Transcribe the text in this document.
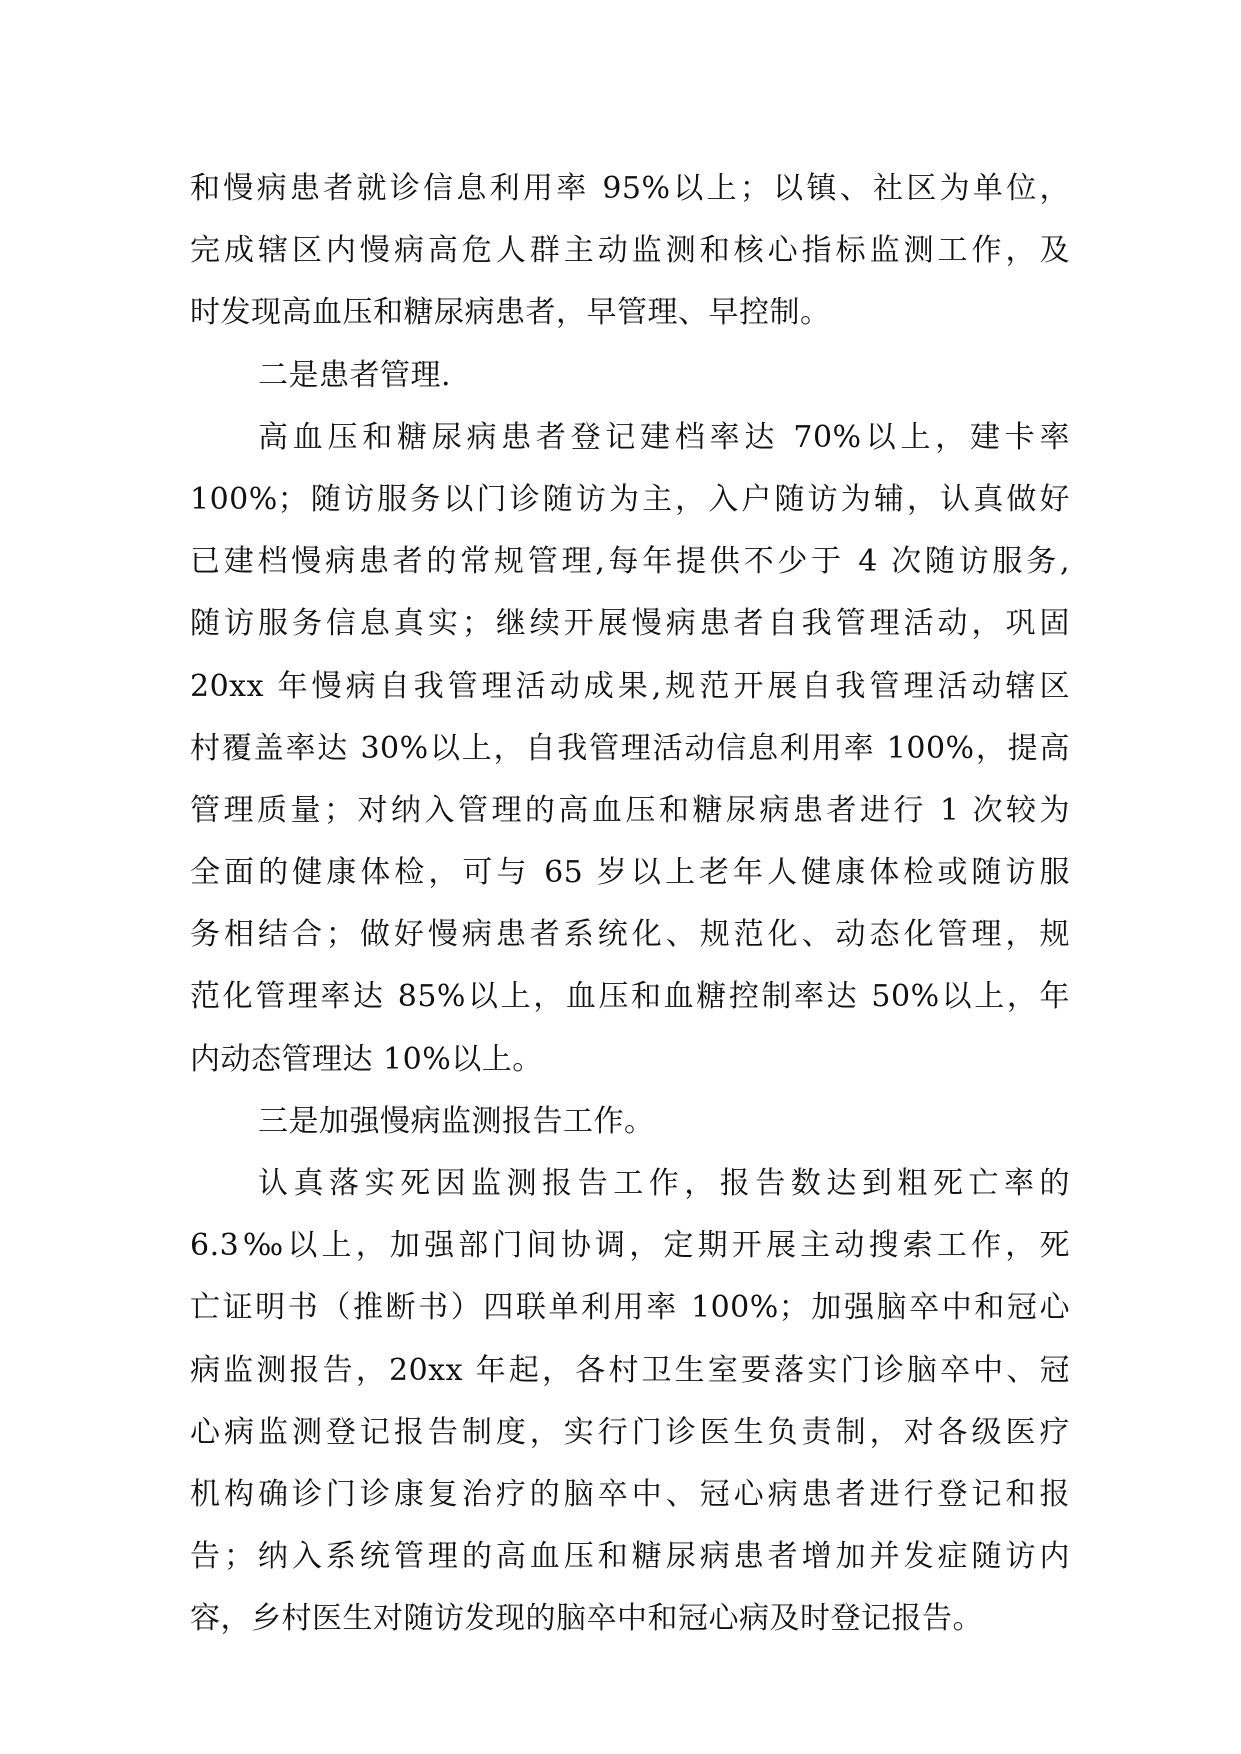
和慢病患者就诊信息利用率 95%以上；以镇、社区为单位，
完成辖区内慢病高危人群主动监测和核心指标监测工作，及
时发现高血压和糖尿病患者，早管理、早控制。
二是患者管理.
高血压和糖尿病患者登记建档率达 70%以上，建卡率
100%；随访服务以门诊随访为主，入户随访为辅，认真做好
已建档慢病患者的常规管理,每年提供不少于 4 次随访服务,
随访服务信息真实；继续开展慢病患者自我管理活动，巩固
20xx 年慢病自我管理活动成果,规范开展自我管理活动辖区
村覆盖率达 30%以上，自我管理活动信息利用率 100%，提高
管理质量；对纳入管理的高血压和糖尿病患者进行 1 次较为
全面的健康体检，可与 65 岁以上老年人健康体检或随访服
务相结合；做好慢病患者系统化、规范化、动态化管理，规
范化管理率达 85%以上，血压和血糖控制率达 50%以上，年
内动态管理达 10%以上。
三是加强慢病监测报告工作。
认真落实死因监测报告工作，报告数达到粗死亡率的
6.3‰以上，加强部门间协调，定期开展主动搜索工作，死
亡证明书（推断书）四联单利用率 100%；加强脑卒中和冠心
病监测报告，20xx 年起，各村卫生室要落实门诊脑卒中、冠
心病监测登记报告制度，实行门诊医生负责制，对各级医疗
机构确诊门诊康复治疗的脑卒中、冠心病患者进行登记和报
告；纳入系统管理的高血压和糖尿病患者增加并发症随访内
容，乡村医生对随访发现的脑卒中和冠心病及时登记报告。
